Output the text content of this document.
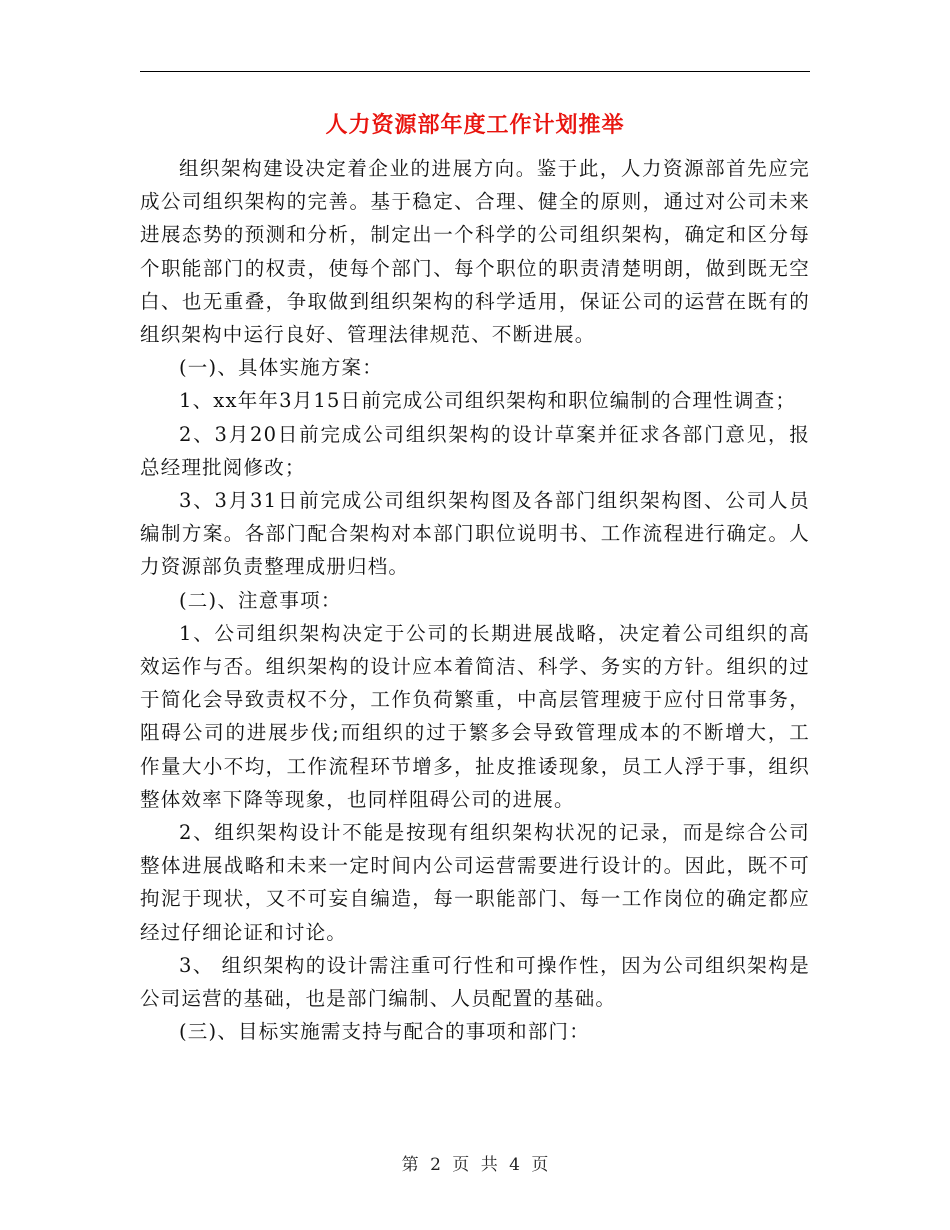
人力资源部年度工作计划推举

组织架构建设决定着企业的进展方向。鉴于此，人力资源部首先应完成公司组织架构的完善。基于稳定、合理、健全的原则，通过对公司未来进展态势的预测和分析，制定出一个科学的公司组织架构，确定和区分每个职能部门的权责，使每个部门、每个职位的职责清楚明朗，做到既无空白、也无重叠，争取做到组织架构的科学适用，保证公司的运营在既有的组织架构中运行良好、管理法律规范、不断进展。

(一)、具体实施方案：

1、xx年年3月15日前完成公司组织架构和职位编制的合理性调查；

2、3月20日前完成公司组织架构的设计草案并征求各部门意见，报总经理批阅修改；

3、3月31日前完成公司组织架构图及各部门组织架构图、公司人员编制方案。各部门配合架构对本部门职位说明书、工作流程进行确定。人力资源部负责整理成册归档。

(二)、注意事项：

1、公司组织架构决定于公司的长期进展战略，决定着公司组织的高效运作与否。组织架构的设计应本着简洁、科学、务实的方针。组织的过于简化会导致责权不分，工作负荷繁重，中高层管理疲于应付日常事务，阻碍公司的进展步伐;而组织的过于繁多会导致管理成本的不断增大，工作量大小不均，工作流程环节增多，扯皮推诿现象，员工人浮于事，组织整体效率下降等现象，也同样阻碍公司的进展。

2、组织架构设计不能是按现有组织架构状况的记录，而是综合公司整体进展战略和未来一定时间内公司运营需要进行设计的。因此，既不可拘泥于现状，又不可妄自编造，每一职能部门、每一工作岗位的确定都应经过仔细论证和讨论。

3、 组织架构的设计需注重可行性和可操作性，因为公司组织架构是公司运营的基础，也是部门编制、人员配置的基础。

(三)、目标实施需支持与配合的事项和部门：

第 2 页 共 4 页
